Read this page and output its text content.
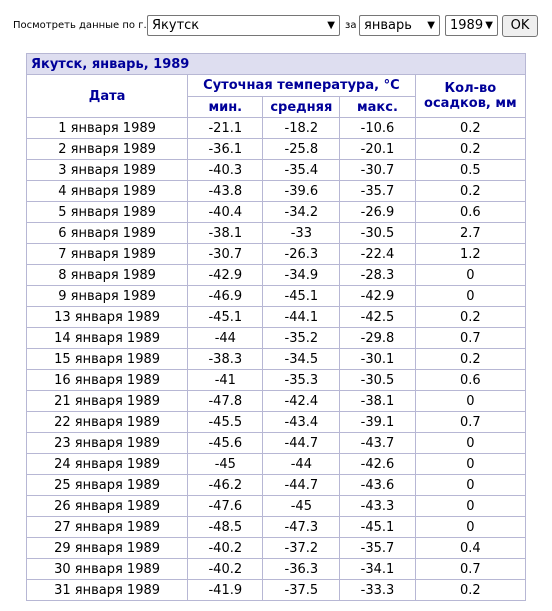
Посмотреть данные по г. Якутск	▼ за январь ▼	1989 ▼	OK
Якутск, январь, 1989				
Дата	Суточная температура, °C			Кол-во осадков, мм
	мин.	средняя	макс.	
1 января 1989	-21.1	-18.2	-10.6	0.2
2 января 1989	-36.1	-25.8	-20.1	0.2
3 января 1989	-40.3	-35.4	-30.7	0.5
4 января 1989	-43.8	-39.6	-35.7	0.2
5 января 1989	-40.4	-34.2	-26.9	0.6
6 января 1989	-38.1	-33	-30.5	2.7
7 января 1989	-30.7	-26.3	-22.4	1.2
8 января 1989	-42.9	-34.9	-28.3	0
9 января 1989	-46.9	-45.1	-42.9	0
13 января 1989	-45.1	-44.1	-42.5	0.2
14 января 1989	-44	-35.2	-29.8	0.7
15 января 1989	-38.3	-34.5	-30.1	0.2
16 января 1989	-41	-35.3	-30.5	0.6
21 января 1989	-47.8	-42.4	-38.1	0
22 января 1989	-45.5	-43.4	-39.1	0.7
23 января 1989	-45.6	-44.7	-43.7	0
24 января 1989	-45	-44	-42.6	0
25 января 1989	-46.2	-44.7	-43.6	0
26 января 1989	-47.6	-45	-43.3	0
27 января 1989	-48.5	-47.3	-45.1	0
29 января 1989	-40.2	-37.2	-35.7	0.4
30 января 1989	-40.2	-36.3	-34.1	0.7
31 января 1989	-41.9	-37.5	-33.3	0.2
